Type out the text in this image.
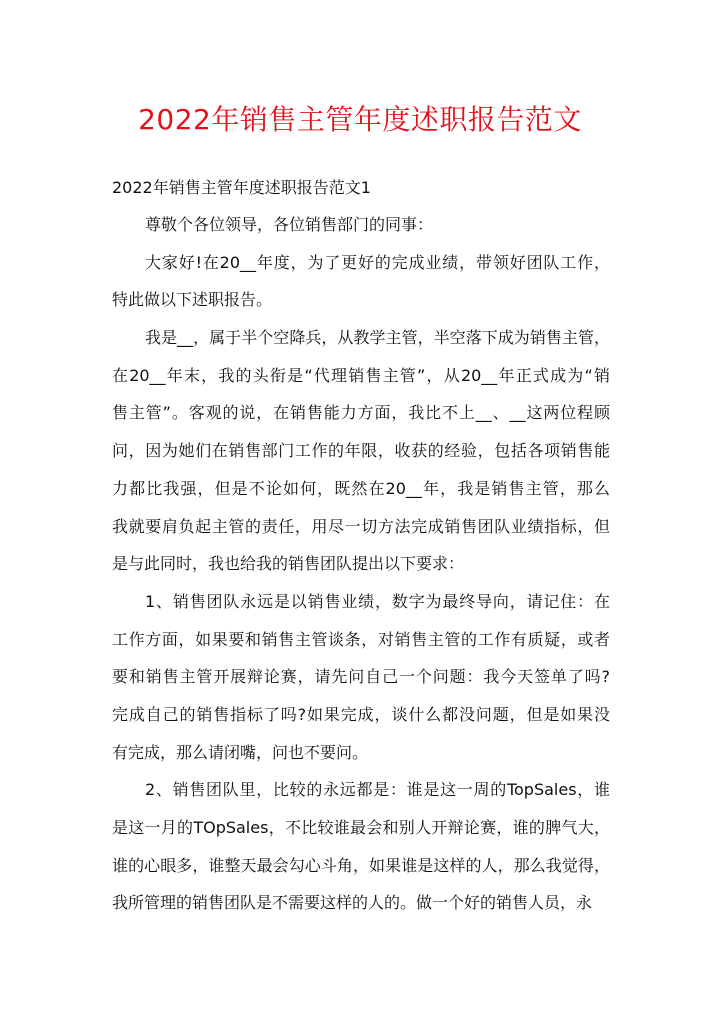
2022年销售主管年度述职报告范文
2022年销售主管年度述职报告范文1
尊敬个各位领导，各位销售部门的同事：
大家好!在20__年度，为了更好的完成业绩，带领好团队工作，
特此做以下述职报告。
我是__，属于半个空降兵，从教学主管，半空落下成为销售主管，
在20__年末，我的头衔是“代理销售主管”，从20__年正式成为“销
售主管”。客观的说，在销售能力方面，我比不上__、__这两位程顾
问，因为她们在销售部门工作的年限，收获的经验，包括各项销售能
力都比我强，但是不论如何，既然在20__年，我是销售主管，那么
我就要肩负起主管的责任，用尽一切方法完成销售团队业绩指标，但
是与此同时，我也给我的销售团队提出以下要求：
1、销售团队永远是以销售业绩，数字为最终导向，请记住：在
工作方面，如果要和销售主管谈条，对销售主管的工作有质疑，或者
要和销售主管开展辩论赛，请先问自己一个问题：我今天签单了吗?
完成自己的销售指标了吗?如果完成，谈什么都没问题，但是如果没
有完成，那么请闭嘴，问也不要问。
2、销售团队里，比较的永远都是：谁是这一周的TopSales，谁
是这一月的TOpSales，不比较谁最会和别人开辩论赛，谁的脾气大，
谁的心眼多，谁整天最会勾心斗角，如果谁是这样的人，那么我觉得，
我所管理的销售团队是不需要这样的人的。做一个好的销售人员，永
